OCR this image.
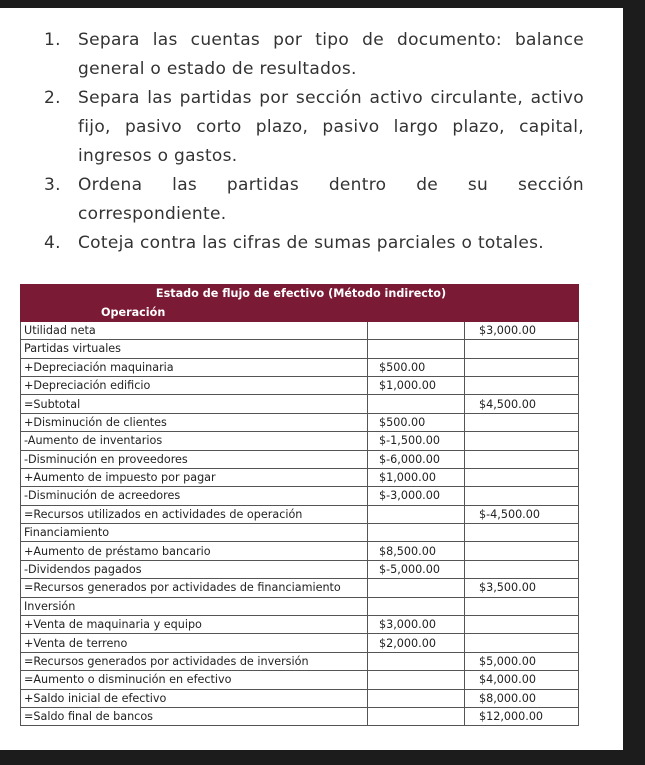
1.	Separa las cuentas por tipo de documento: balance general o estado de resultados.
2.	Separa las partidas por sección activo circulante, activo fijo, pasivo corto plazo, pasivo largo plazo, capital, ingresos o gastos.
3.	Ordena las partidas dentro de su sección correspondiente.
4.	Coteja contra las cifras de sumas parciales o totales.
Estado de flujo de efectivo (Método indirecto)		
Operación		
Utilidad neta		$3,000.00
Partidas virtuales		
+Depreciación maquinaria	$500.00	
+Depreciación edificio	$1,000.00	
=Subtotal		$4,500.00
+Disminución de clientes	$500.00	
-Aumento de inventarios	$-1,500.00	
-Disminución en proveedores	$-6,000.00	
+Aumento de impuesto por pagar	$1,000.00	
-Disminución de acreedores	$-3,000.00	
=Recursos utilizados en actividades de operación		$-4,500.00
Financiamiento		
+Aumento de préstamo bancario	$8,500.00	
-Dividendos pagados	$-5,000.00	
=Recursos generados por actividades de financiamiento		$3,500.00
Inversión		
+Venta de maquinaria y equipo	$3,000.00	
+Venta de terreno	$2,000.00	
=Recursos generados por actividades de inversión		$5,000.00
=Aumento o disminución en efectivo		$4,000.00
+Saldo inicial de efectivo		$8,000.00
=Saldo final de bancos		$12,000.00
